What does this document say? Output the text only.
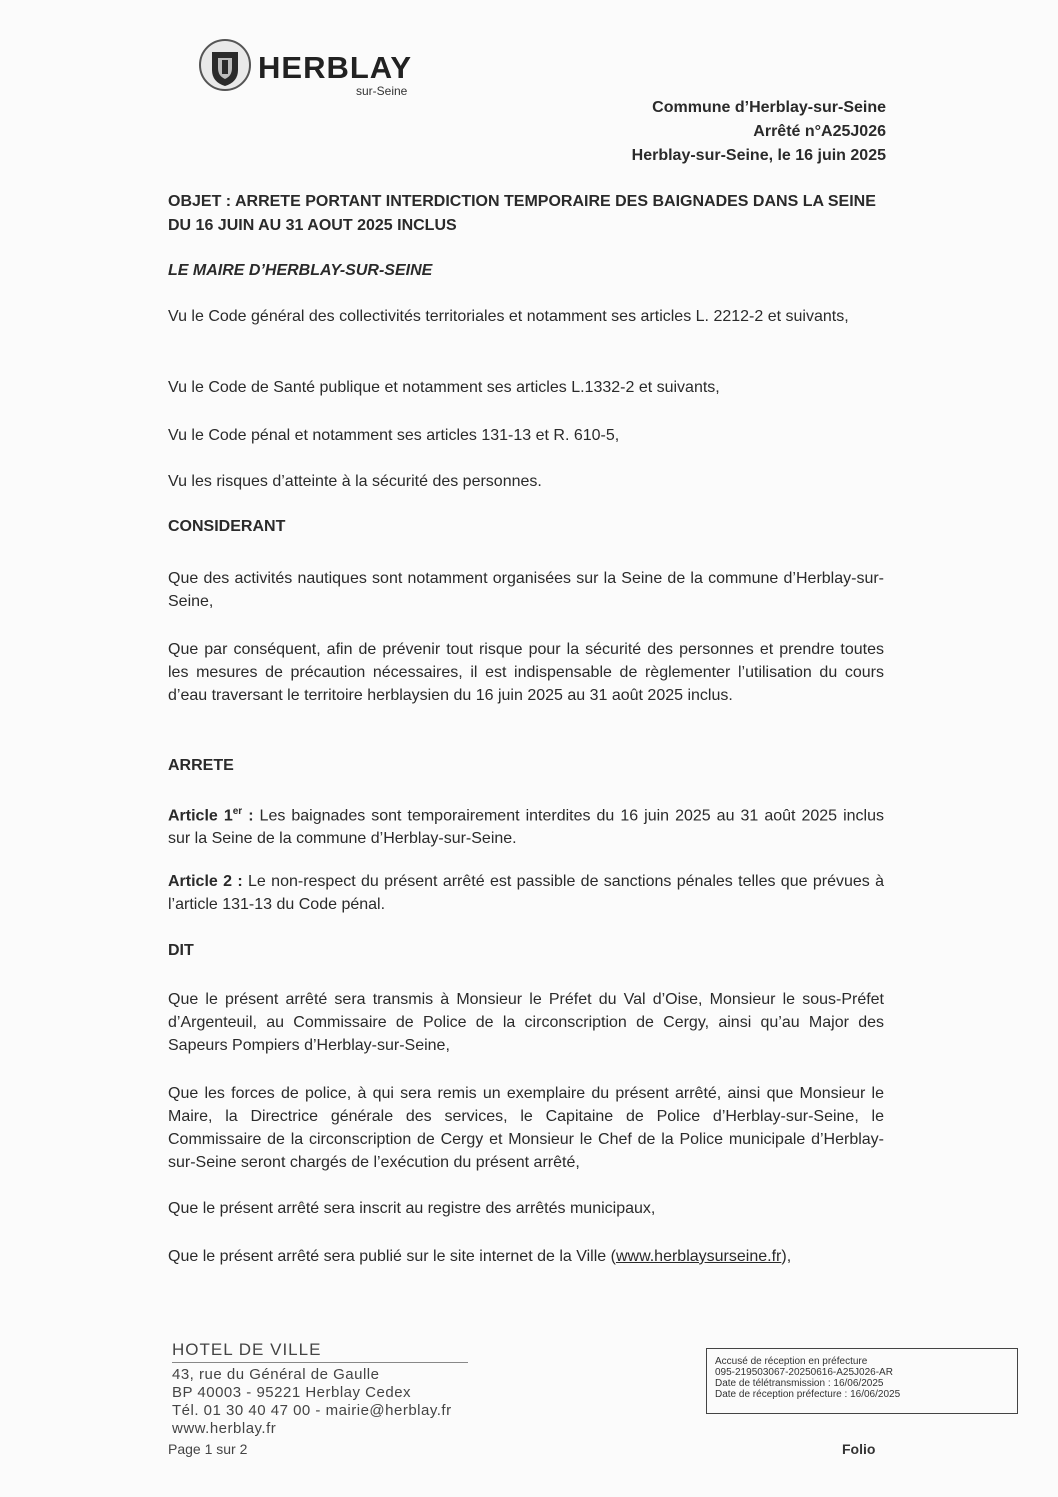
HERBLAY
sur-Seine
Commune d’Herblay-sur-Seine
Arrêté n°A25J026
Herblay-sur-Seine, le 16 juin 2025
OBJET : ARRETE PORTANT INTERDICTION TEMPORAIRE DES BAIGNADES DANS LA SEINE
DU 16 JUIN AU 31 AOUT 2025 INCLUS
LE MAIRE D’HERBLAY-SUR-SEINE
Vu le Code général des collectivités territoriales et notamment ses articles L. 2212-2 et suivants,
Vu le Code de Santé publique et notamment ses articles L.1332-2 et suivants,
Vu le Code pénal et notamment ses articles 131-13 et R. 610-5,
Vu les risques d’atteinte à la sécurité des personnes.
CONSIDERANT
Que des activités nautiques sont notamment organisées sur la Seine de la commune d’Herblay-sur-Seine,
Que par conséquent, afin de prévenir tout risque pour la sécurité des personnes et prendre toutes les mesures de précaution nécessaires, il est indispensable de règlementer l’utilisation du cours d’eau traversant le territoire herblaysien du 16 juin 2025 au 31 août 2025 inclus.
ARRETE
Article 1er : Les baignades sont temporairement interdites du 16 juin 2025 au 31 août 2025 inclus sur la Seine de la commune d’Herblay-sur-Seine.
Article 2 : Le non-respect du présent arrêté est passible de sanctions pénales telles que prévues à l’article 131-13 du Code pénal.
DIT
Que le présent arrêté sera transmis à Monsieur le Préfet du Val d’Oise, Monsieur le sous-Préfet d’Argenteuil, au Commissaire de Police de la circonscription de Cergy, ainsi qu’au Major des Sapeurs Pompiers d’Herblay-sur-Seine,
Que les forces de police, à qui sera remis un exemplaire du présent arrêté, ainsi que Monsieur le Maire, la Directrice générale des services, le Capitaine de Police d’Herblay-sur-Seine, le Commissaire de la circonscription de Cergy et Monsieur le Chef de la Police municipale d’Herblay-sur-Seine seront chargés de l’exécution du présent arrêté,
Que le présent arrêté sera inscrit au registre des arrêtés municipaux,
Que le présent arrêté sera publié sur le site internet de la Ville (www.herblaysurseine.fr),
HOTEL DE VILLE
43, rue du Général de Gaulle
BP 40003 - 95221 Herblay Cedex
Tél. 01 30 40 47 00 - mairie@herblay.fr
www.herblay.fr
Page 1 sur 2	Folio
Accusé de réception en préfecture
095-219503067-20250616-A25J026-AR
Date de télétransmission : 16/06/2025
Date de réception préfecture : 16/06/2025
